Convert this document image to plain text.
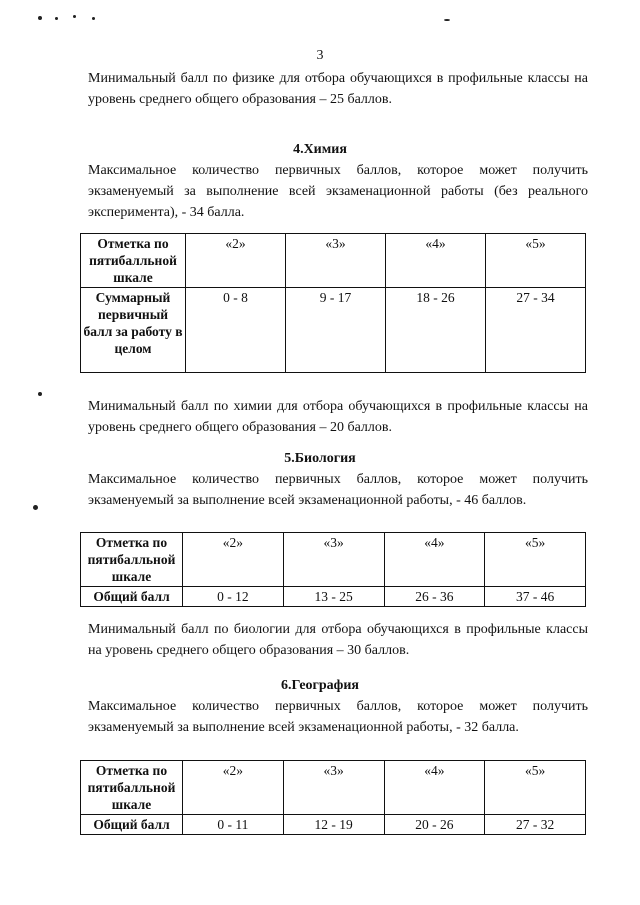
3

Минимальный балл по физике для отбора обучающихся в профильные классы на уровень среднего общего образования – 25 баллов.

4.Химия

Максимальное количество первичных баллов, которое может получить экзаменуемый за выполнение всей экзаменационной работы (без реального эксперимента), - 34 балла.

Отметка по пятибалльной шкале	«2»	«3»	«4»	«5»
Суммарный первичный балл за работу в целом	0 - 8	9 - 17	18 - 26	27 - 34

Минимальный балл по химии для отбора обучающихся в профильные классы на уровень среднего общего образования – 20 баллов.

5.Биология

Максимальное количество первичных баллов, которое может получить экзаменуемый за выполнение всей экзаменационной работы, - 46 баллов.

Отметка по пятибалльной шкале	«2»	«3»	«4»	«5»
Общий балл	0 - 12	13 - 25	26 - 36	37 - 46

Минимальный балл по биологии для отбора обучающихся в профильные классы на уровень среднего общего образования – 30 баллов.

6.География

Максимальное количество первичных баллов, которое может получить экзаменуемый за выполнение всей экзаменационной работы, - 32 балла.

Отметка по пятибалльной шкале	«2»	«3»	«4»	«5»
Общий балл	0 - 11	12 - 19	20 - 26	27 - 32
